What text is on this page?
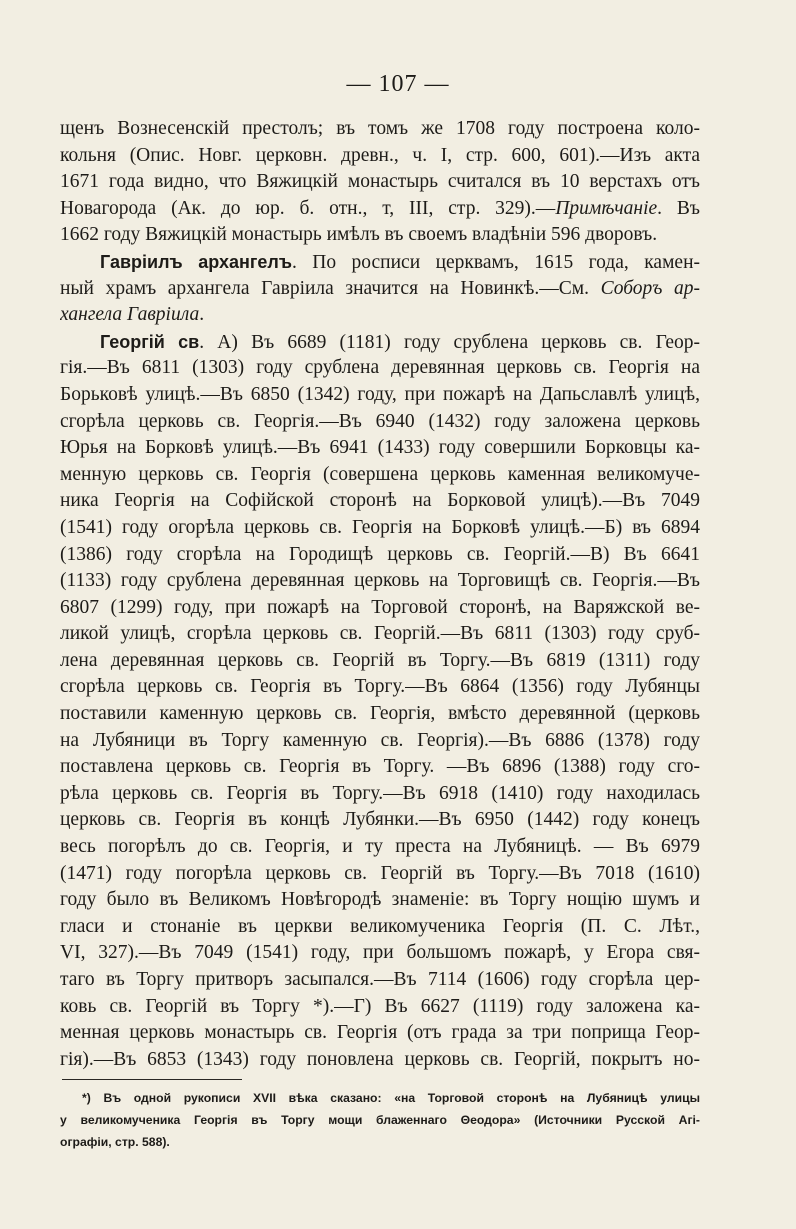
— 107 —
щенъ Вознесенскій престолъ; въ томъ же 1708 году построена коло-
кольня (Опис. Новг. церковн. древн., ч. I, стр. 600, 601).—Изъ акта
1671 года видно, что Вяжицкій монастырь считался въ 10 верстахъ отъ
Новагорода (Ак. до юр. б. отн., т, III, стр. 329).—Примѣчаніе. Въ
1662 году Вяжицкій монастырь имѣлъ въ своемъ владѣніи 596 дворовъ.
Гавріилъ архангелъ. По росписи церквамъ, 1615 года, камен-
ный храмъ архангела Гавріила значится на Новинкѣ.—См. Соборъ ар-
хангела Гавріила.
Георгій св. А) Въ 6689 (1181) году срублена церковь св. Геор-
гія.—Въ 6811 (1303) году срублена деревянная церковь св. Георгія на
Борьковѣ улицѣ.—Въ 6850 (1342) году, при пожарѣ на Дапьславлѣ улицѣ,
сгорѣла церковь св. Георгія.—Въ 6940 (1432) году заложена церковь
Юрья на Борковѣ улицѣ.—Въ 6941 (1433) году совершили Борковцы ка-
менную церковь св. Георгія (совершена церковь каменная великомуче-
ника Георгія на Софійской сторонѣ на Борковой улицѣ).—Въ 7049
(1541) году огорѣла церковь св. Георгія на Борковѣ улицѣ.—Б) въ 6894
(1386) году сгорѣла на Городищѣ церковь св. Георгій.—В) Въ 6641
(1133) году срублена деревянная церковь на Торговищѣ св. Георгія.—Въ
6807 (1299) году, при пожарѣ на Торговой сторонѣ, на Варяжской ве-
ликой улицѣ, сгорѣла церковь св. Георгій.—Въ 6811 (1303) году сруб-
лена деревянная церковь св. Георгій въ Торгу.—Въ 6819 (1311) году
сгорѣла церковь св. Георгія въ Торгу.—Въ 6864 (1356) году Лубянцы
поставили каменную церковь св. Георгія, вмѣсто деревянной (церковь
на Лубяници въ Торгу каменную св. Георгія).—Въ 6886 (1378) году
поставлена церковь св. Георгія въ Торгу. —Въ 6896 (1388) году сго-
рѣла церковь св. Георгія въ Торгу.—Въ 6918 (1410) году находилась
церковь св. Георгія въ концѣ Лубянки.—Въ 6950 (1442) году конецъ
весь погорѣлъ до св. Георгія, и ту преста на Лубяницѣ. — Въ 6979
(1471) году погорѣла церковь св. Георгій въ Торгу.—Въ 7018 (1610)
году было въ Великомъ Новѣгородѣ знаменіе: въ Торгу нощію шумъ и
гласи и стонаніе въ церкви великомученика Георгія (П. С. Лѣт.,
VI, 327).—Въ 7049 (1541) году, при большомъ пожарѣ, у Егора свя-
таго въ Торгу притворъ засыпался.—Въ 7114 (1606) году сгорѣла цер-
ковь св. Георгій въ Торгу *).—Г) Въ 6627 (1119) году заложена ка-
менная церковь монастырь св. Георгія (отъ града за три поприща Геор-
гія).—Въ 6853 (1343) году поновлена церковь св. Георгій, покрытъ но-
*) Въ одной рукописи XVII вѣка сказано: «на Торговой сторонѣ на Лубяницѣ улицы
у великомученика Георгія въ Торгу мощи блаженнаго Θеодора» (Источники Русской Агі-
ографіи, стр. 588).
